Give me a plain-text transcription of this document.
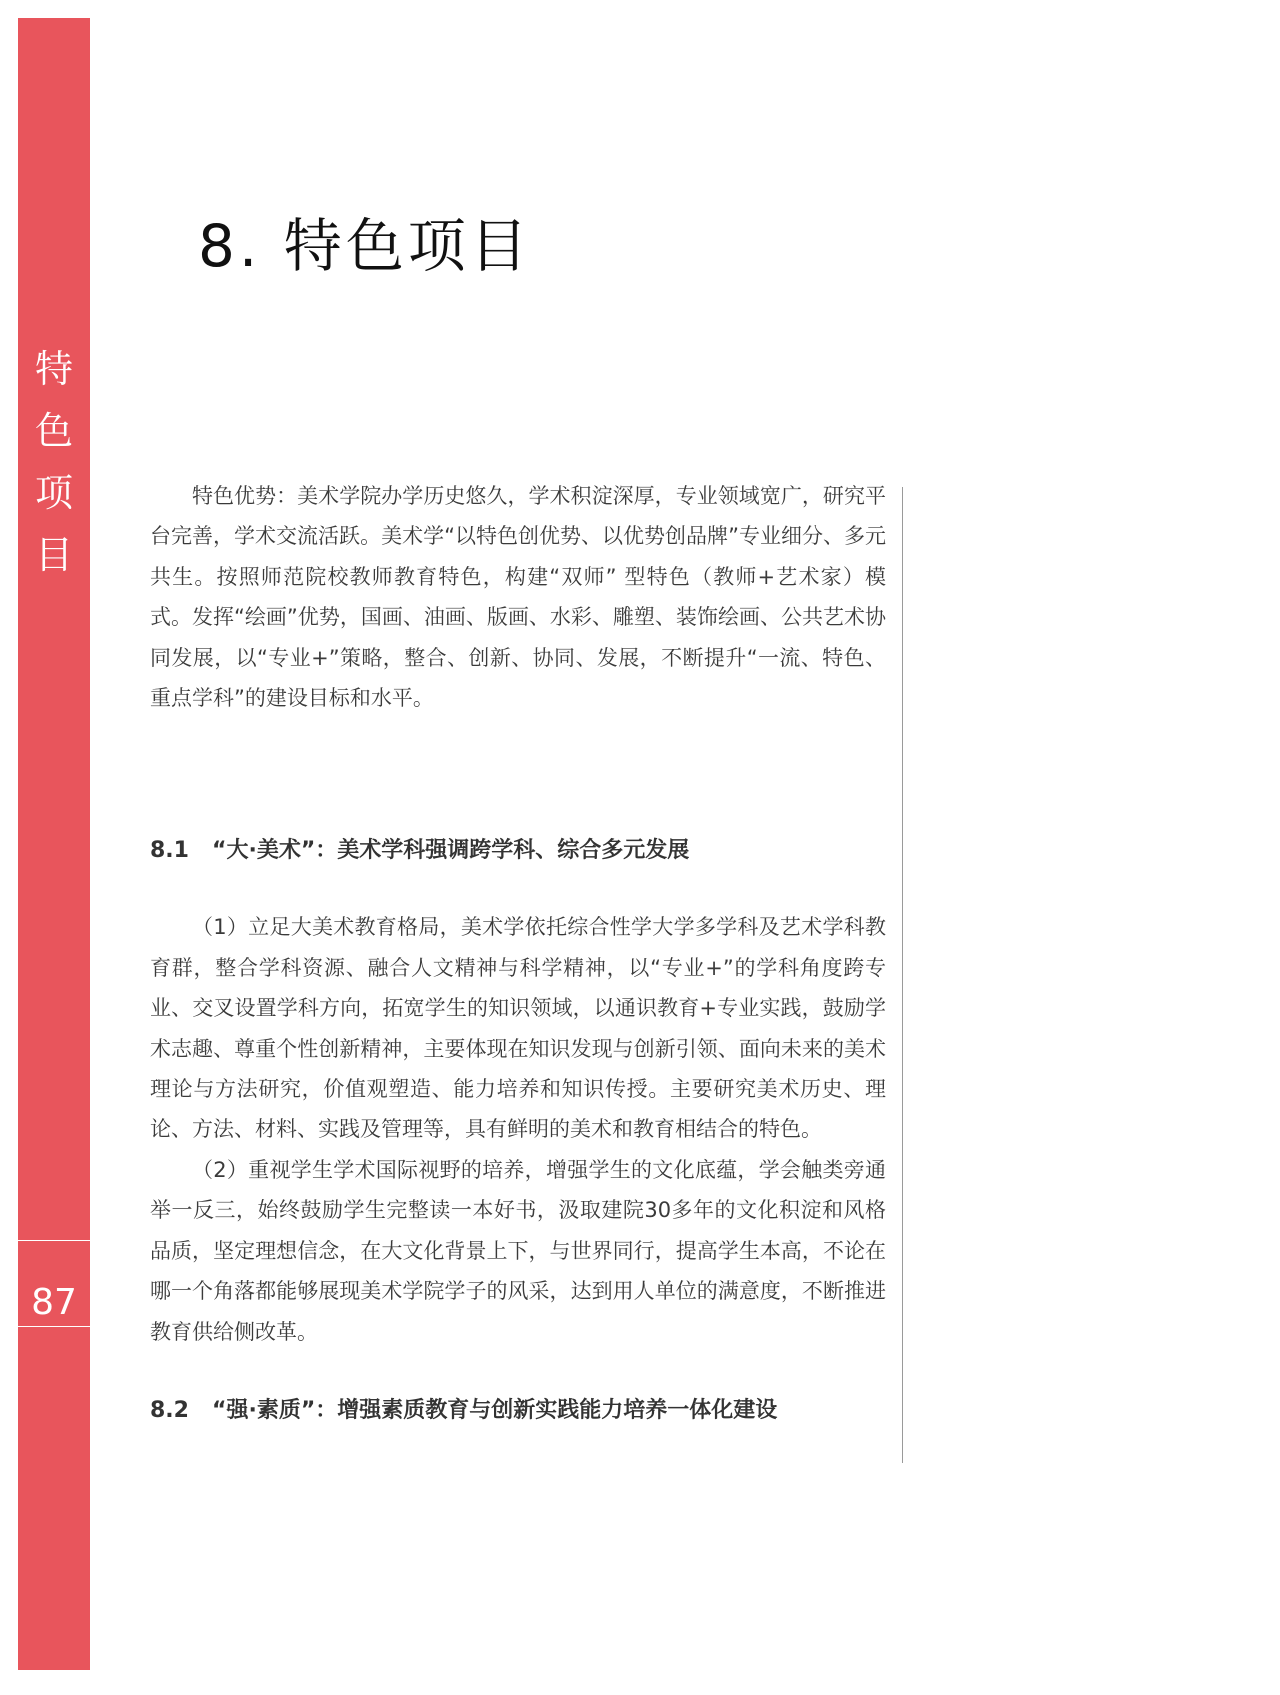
特
色
项
目
87
8. 特色项目

特色优势：美术学院办学历史悠久，学术积淀深厚，专业领域宽广，研究平台完善，学术交流活跃。美术学“以特色创优势、以优势创品牌”专业细分、多元共生。按照师范院校教师教育特色，构建“双师” 型特色（教师+艺术家）模式。发挥“绘画”优势，国画、油画、版画、水彩、雕塑、装饰绘画、公共艺术协同发展，以“专业+”策略，整合、创新、协同、发展，不断提升“一流、特色、重点学科”的建设目标和水平。

8.1 “大·美术”：美术学科强调跨学科、综合多元发展

（1）立足大美术教育格局，美术学依托综合性学大学多学科及艺术学科教育群，整合学科资源、融合人文精神与科学精神，以“专业+”的学科角度跨专业、交叉设置学科方向，拓宽学生的知识领域，以通识教育+专业实践，鼓励学术志趣、尊重个性创新精神，主要体现在知识发现与创新引领、面向未来的美术理论与方法研究，价值观塑造、能力培养和知识传授。主要研究美术历史、理论、方法、材料、实践及管理等，具有鲜明的美术和教育相结合的特色。

（2）重视学生学术国际视野的培养，增强学生的文化底蕴，学会触类旁通举一反三，始终鼓励学生完整读一本好书，汲取建院30多年的文化积淀和风格品质，坚定理想信念，在大文化背景上下，与世界同行，提高学生本高，不论在哪一个角落都能够展现美术学院学子的风采，达到用人单位的满意度，不断推进教育供给侧改革。

8.2 “强·素质”：增强素质教育与创新实践能力培养一体化建设
